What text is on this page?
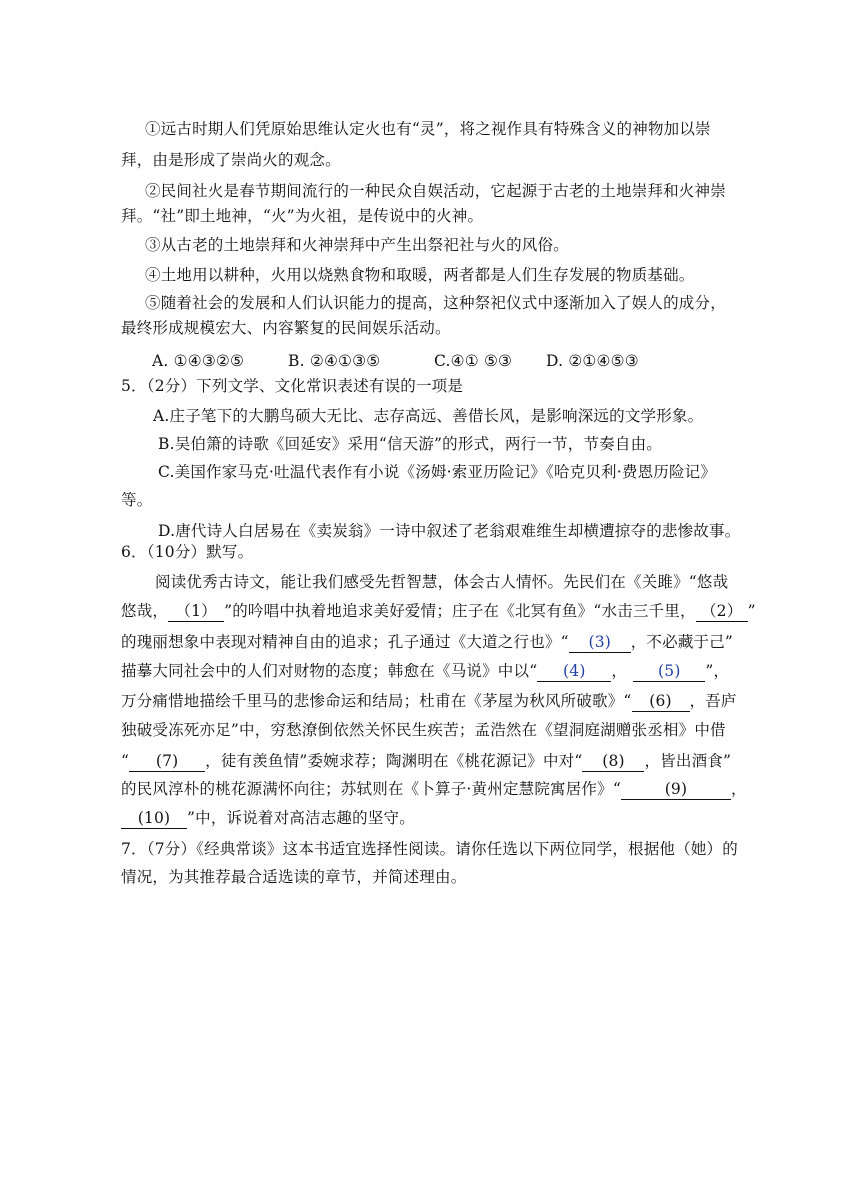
①远古时期人们凭原始思维认定火也有“灵”，将之视作具有特殊含义的神物加以崇
拜，由是形成了崇尚火的观念。
②民间社火是春节期间流行的一种民众自娱活动，它起源于古老的土地崇拜和火神崇
拜。“社”即土地神，“火”为火祖，是传说中的火神。
③从古老的土地崇拜和火神崇拜中产生出祭祀社与火的风俗。
④土地用以耕种，火用以烧熟食物和取暖，两者都是人们生存发展的物质基础。
⑤随着社会的发展和人们认识能力的提高，这种祭祀仪式中逐渐加入了娱人的成分，
最终形成规模宏大、内容繁复的民间娱乐活动。
A. ①④③②⑤	B. ②④①③⑤	C.④① ⑤③ D. ②①④⑤③
5．（2分）下列文学、文化常识表述有误的一项是
A.庄子笔下的大鹏鸟硕大无比、志存高远、善借长风，是影响深远的文学形象。
B.吴伯箫的诗歌《回延安》采用“信天游”的形式，两行一节，节奏自由。
C.美国作家马克·吐温代表作有小说《汤姆·索亚历险记》《哈克贝利·费恩历险记》
等。
D.唐代诗人白居易在《卖炭翁》一诗中叙述了老翁艰难维生却横遭掠夺的悲惨故事。
6．（10分）默写。
阅读优秀古诗文，能让我们感受先哲智慧，体会古人情怀。先民们在《关雎》“悠哉
悠哉， （1） ”的吟唱中执着地追求美好爱情；庄子在《北冥有鱼》“水击三千里， （2） ”
的瑰丽想象中表现对精神自由的追求；孔子通过《大道之行也》“ (3) ，不必藏于己”
描摹大同社会中的人们对财物的态度；韩愈在《马说》中以“ (4) ， (5) ”，
万分痛惜地描绘千里马的悲惨命运和结局；杜甫在《茅屋为秋风所破歌》“ (6) ，吾庐
独破受冻死亦足”中，穷愁潦倒依然关怀民生疾苦；孟浩然在《望洞庭湖赠张丞相》中借
“ (7) ，徒有羡鱼情”委婉求荐；陶渊明在《桃花源记》中对“ (8) ，皆出酒食”
的民风淳朴的桃花源满怀向往；苏轼则在《卜算子·黄州定慧院寓居作》“	(9)	，
(10) ”中，诉说着对高洁志趣的坚守。
7．（7分）《经典常谈》这本书适宜选择性阅读。请你任选以下两位同学，根据他（她）的
情况，为其推荐最合适选读的章节，并简述理由。
